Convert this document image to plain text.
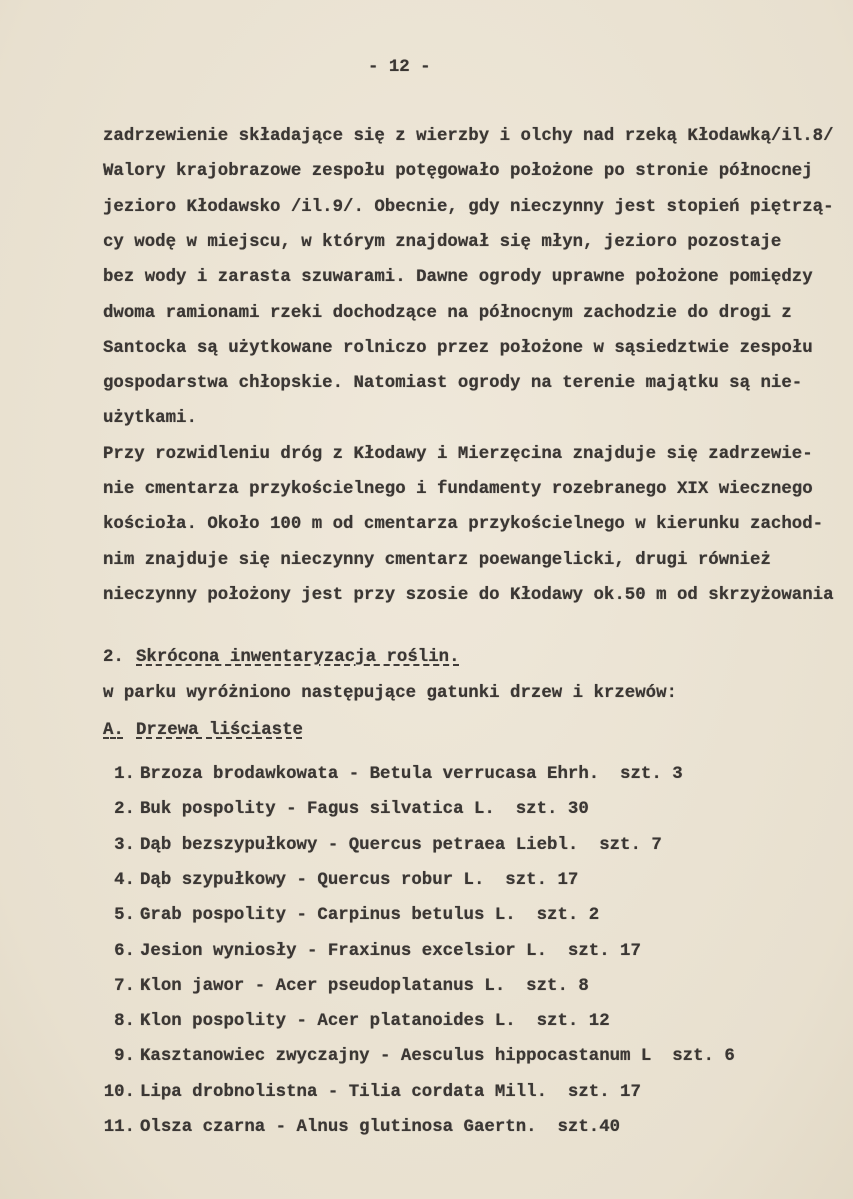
- 12 -
zadrzewienie składające się z wierzby i olchy nad rzeką Kłodawką/il.8/
Walory krajobrazowe zespołu potęgowało położone po stronie północnej
jezioro Kłodawsko /il.9/. Obecnie, gdy nieczynny jest stopień piętrzą-
cy wodę w miejscu, w którym znajdował się młyn, jezioro pozostaje
bez wody i zarasta szuwarami. Dawne ogrody uprawne położone pomiędzy
dwoma ramionami rzeki dochodzące na północnym zachodzie do drogi z
Santocka są użytkowane rolniczo przez położone w sąsiedztwie zespołu
gospodarstwa chłopskie. Natomiast ogrody na terenie majątku są nie-
użytkami.
Przy rozwidleniu dróg z Kłodawy i Mierzęcina znajduje się zadrzewie-
nie cmentarza przykościelnego i fundamenty rozebranego XIX wiecznego
kościoła. Około 100 m od cmentarza przykościelnego w kierunku zachod-
nim znajduje się nieczynny cmentarz poewangelicki, drugi również
nieczynny położony jest przy szosie do Kłodawy ok.50 m od skrzyżowania
2. Skrócona inwentaryzacja roślin.
w parku wyróżniono następujące gatunki drzew i krzewów:
A. Drzewa liściaste
1. Brzoza brodawkowata - Betula verrucasa Ehrh.  szt. 3
2. Buk pospolity - Fagus silvatica L.  szt. 30
3. Dąb bezszypułkowy - Quercus petraea Liebl.  szt. 7
4. Dąb szypułkowy - Quercus robur L.  szt. 17
5. Grab pospolity - Carpinus betulus L.  szt. 2
6. Jesion wyniosły - Fraxinus excelsior L.  szt. 17
7. Klon jawor - Acer pseudoplatanus L.  szt. 8
8. Klon pospolity - Acer platanoides L.  szt. 12
9. Kasztanowiec zwyczajny - Aesculus hippocastanum L  szt. 6
10. Lipa drobnolistna - Tilia cordata Mill.  szt. 17
11. Olsza czarna - Alnus glutinosa Gaertn.  szt.40
